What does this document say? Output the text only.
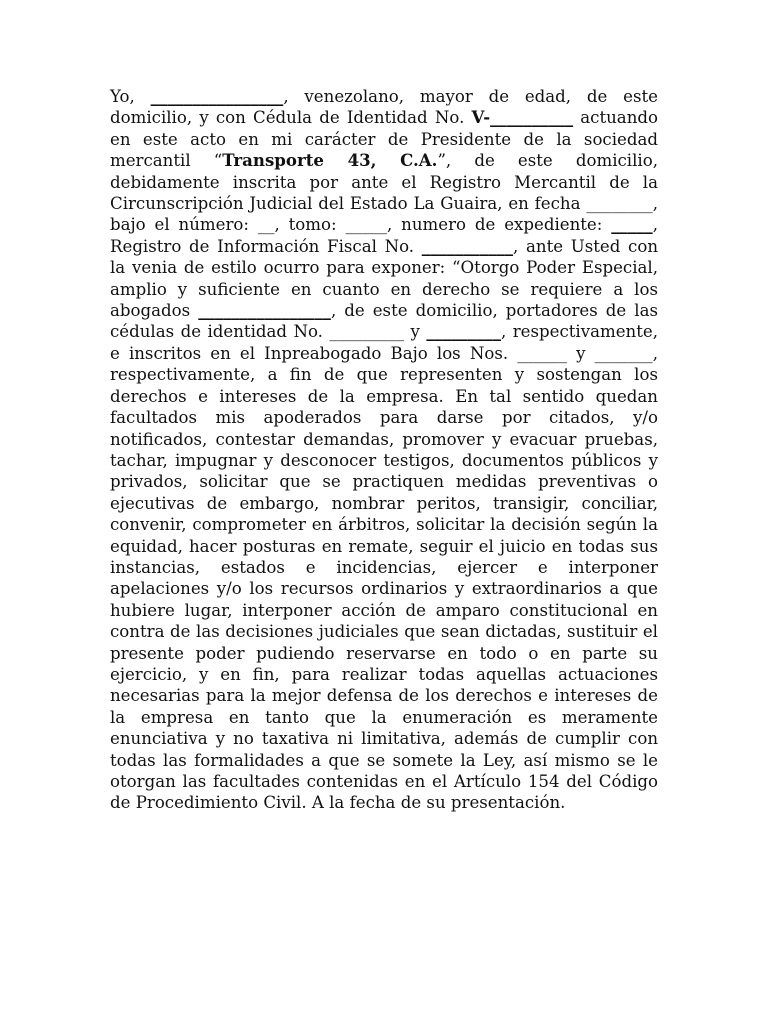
Yo, ________________, venezolano, mayor de edad, de este domicilio, y con Cédula de Identidad No. V-__________ actuando en este acto en mi carácter de Presidente de la sociedad mercantil “Transporte 43, C.A.”, de este domicilio, debidamente inscrita por ante el Registro Mercantil de la Circunscripción Judicial del Estado La Guaira, en fecha ________, bajo el número: __, tomo: _____, numero de expediente: _____, Registro de Información Fiscal No. ___________, ante Usted con la venia de estilo ocurro para exponer: “Otorgo Poder Especial, amplio y suficiente en cuanto en derecho se requiere a los abogados ________________, de este domicilio, portadores de las cédulas de identidad No. _________ y _________, respectivamente, e inscritos en el Inpreabogado Bajo los Nos. ______ y _______, respectivamente, a fin de que representen y sostengan los derechos e intereses de la empresa. En tal sentido quedan facultados mis apoderados para darse por citados, y/o notificados, contestar demandas, promover y evacuar pruebas, tachar, impugnar y desconocer testigos, documentos públicos y privados, solicitar que se practiquen medidas preventivas o ejecutivas de embargo, nombrar peritos, transigir, conciliar, convenir, comprometer en árbitros, solicitar la decisión según la equidad, hacer posturas en remate, seguir el juicio en todas sus instancias, estados e incidencias, ejercer e interponer apelaciones y/o los recursos ordinarios y extraordinarios a que hubiere lugar, interponer acción de amparo constitucional en contra de las decisiones judiciales que sean dictadas, sustituir el presente poder pudiendo reservarse en todo o en parte su ejercicio, y en fin, para realizar todas aquellas actuaciones necesarias para la mejor defensa de los derechos e intereses de la empresa en tanto que la enumeración es meramente enunciativa y no taxativa ni limitativa, además de cumplir con todas las formalidades a que se somete la Ley, así mismo se le otorgan las facultades contenidas en el Artículo 154 del Código de Procedimiento Civil. A la fecha de su presentación.
